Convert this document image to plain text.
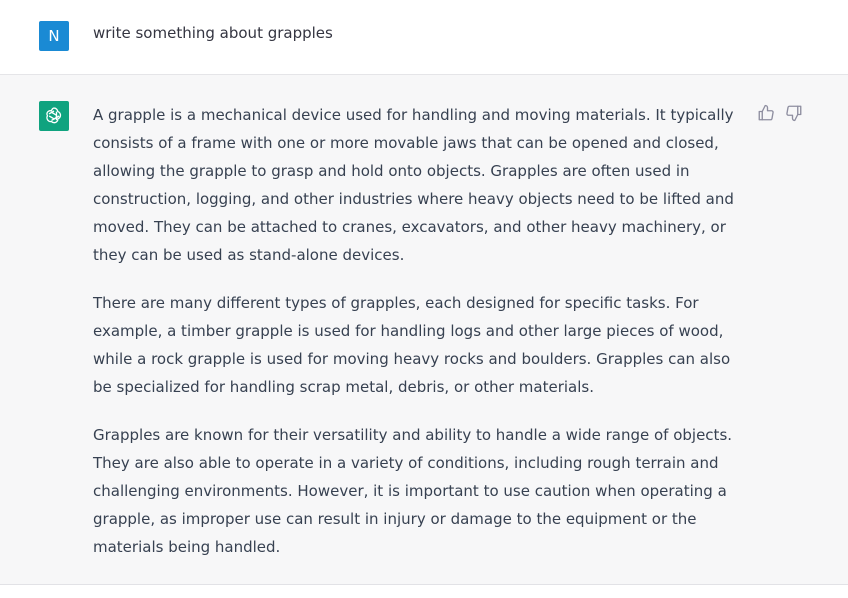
N	write something about grapples

A grapple is a mechanical device used for handling and moving materials. It typically consists of a frame with one or more movable jaws that can be opened and closed, allowing the grapple to grasp and hold onto objects. Grapples are often used in construction, logging, and other industries where heavy objects need to be lifted and moved. They can be attached to cranes, excavators, and other heavy machinery, or they can be used as stand-alone devices.

There are many different types of grapples, each designed for specific tasks. For example, a timber grapple is used for handling logs and other large pieces of wood, while a rock grapple is used for moving heavy rocks and boulders. Grapples can also be specialized for handling scrap metal, debris, or other materials.

Grapples are known for their versatility and ability to handle a wide range of objects. They are also able to operate in a variety of conditions, including rough terrain and challenging environments. However, it is important to use caution when operating a grapple, as improper use can result in injury or damage to the equipment or the materials being handled.
